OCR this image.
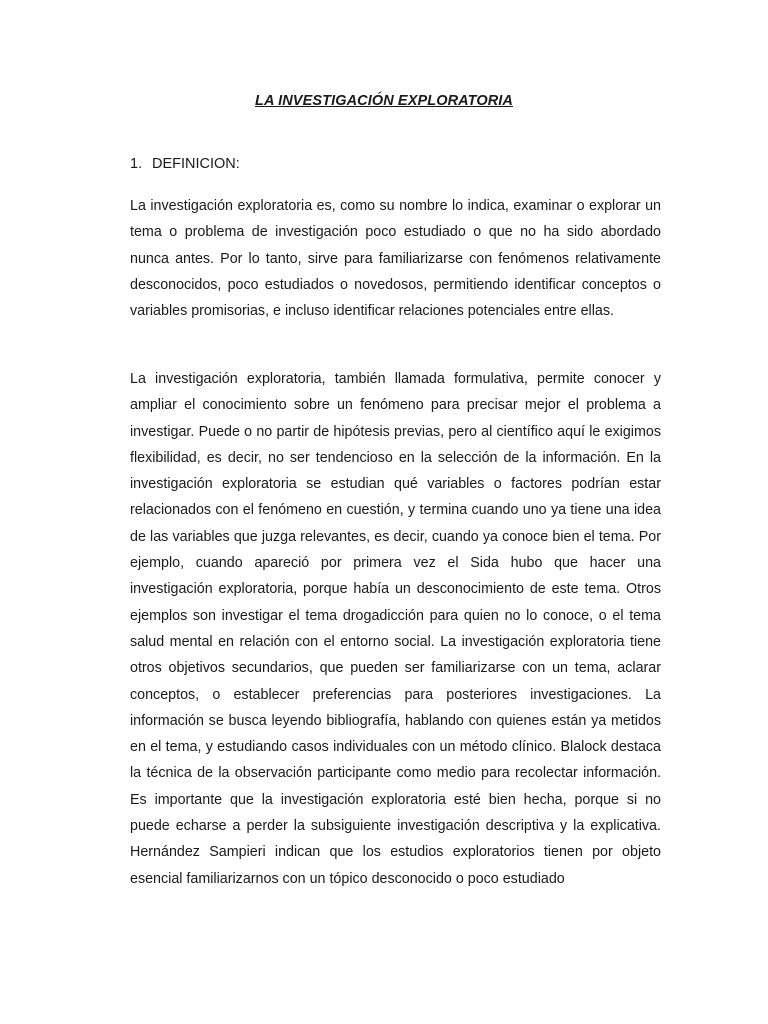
LA INVESTIGACIÓN EXPLORATORIA
1. DEFINICION:

La investigación exploratoria es, como su nombre lo indica, examinar o explorar un tema o problema de investigación poco estudiado o que no ha sido abordado nunca antes. Por lo tanto, sirve para familiarizarse con fenómenos relativamente desconocidos, poco estudiados o novedosos, permitiendo identificar conceptos o variables promisorias, e incluso identificar relaciones potenciales entre ellas.

La investigación exploratoria, también llamada formulativa, permite conocer y ampliar el conocimiento sobre un fenómeno para precisar mejor el problema a investigar. Puede o no partir de hipótesis previas, pero al científico aquí le exigimos flexibilidad, es decir, no ser tendencioso en la selección de la información. En la investigación exploratoria se estudian qué variables o factores podrían estar relacionados con el fenómeno en cuestión, y termina cuando uno ya tiene una idea de las variables que juzga relevantes, es decir, cuando ya conoce bien el tema. Por ejemplo, cuando apareció por primera vez el Sida hubo que hacer una investigación exploratoria, porque había un desconocimiento de este tema. Otros ejemplos son investigar el tema drogadicción para quien no lo conoce, o el tema salud mental en relación con el entorno social. La investigación exploratoria tiene otros objetivos secundarios, que pueden ser familiarizarse con un tema, aclarar conceptos, o establecer preferencias para posteriores investigaciones. La información se busca leyendo bibliografía, hablando con quienes están ya metidos en el tema, y estudiando casos individuales con un método clínico. Blalock destaca la técnica de la observación participante como medio para recolectar información. Es importante que la investigación exploratoria esté bien hecha, porque si no puede echarse a perder la subsiguiente investigación descriptiva y la explicativa. Hernández Sampieri indican que los estudios exploratorios tienen por objeto esencial familiarizarnos con un tópico desconocido o poco estudiado
